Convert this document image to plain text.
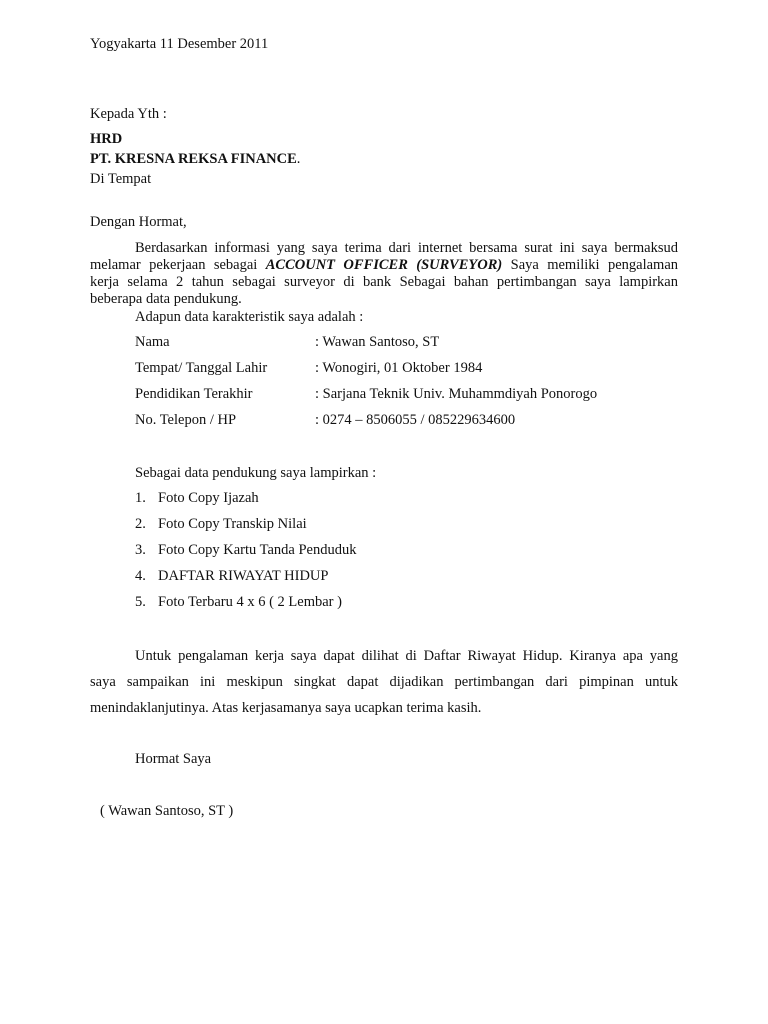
Yogyakarta 11 Desember 2011
Kepada Yth :
HRD
PT. KRESNA REKSA FINANCE.
Di Tempat
Dengan Hormat,
Berdasarkan informasi yang saya terima dari internet bersama surat ini saya bermaksud
melamar pekerjaan sebagai ACCOUNT OFFICER (SURVEYOR) Saya memiliki pengalaman
kerja selama 2 tahun sebagai surveyor di bank Sebagai bahan pertimbangan saya lampirkan
beberapa data pendukung.
Adapun data karakteristik saya adalah :
Nama	: Wawan Santoso, ST
Tempat/ Tanggal Lahir	: Wonogiri, 01 Oktober 1984
Pendidikan Terakhir	: Sarjana Teknik Univ. Muhammdiyah Ponorogo
No. Telepon / HP	: 0274 – 8506055 / 085229634600
Sebagai data pendukung saya lampirkan :
1. Foto Copy Ijazah
2. Foto Copy Transkip Nilai
3. Foto Copy Kartu Tanda Penduduk
4. DAFTAR RIWAYAT HIDUP
5. Foto Terbaru 4 x 6 ( 2 Lembar )
Untuk pengalaman kerja saya dapat dilihat di Daftar Riwayat Hidup. Kiranya apa yang
saya sampaikan ini meskipun singkat dapat dijadikan pertimbangan dari pimpinan untuk
menindaklanjutinya. Atas kerjasamanya saya ucapkan terima kasih.
Hormat Saya
( Wawan Santoso, ST )
